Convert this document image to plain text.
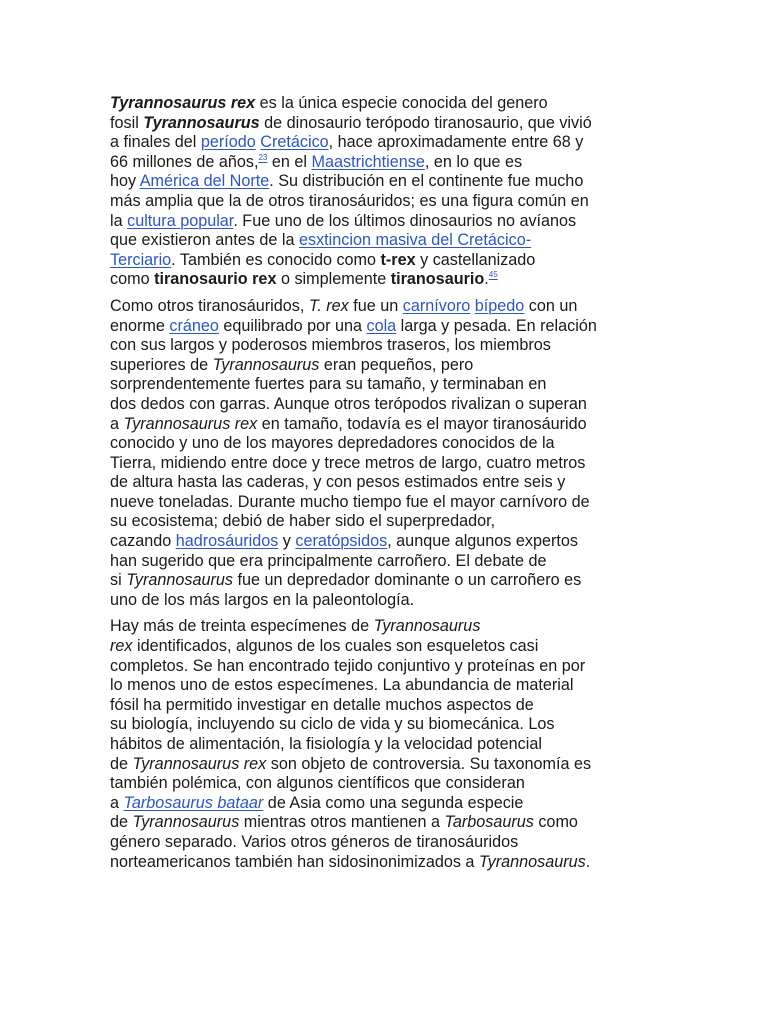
Tyrannosaurus rex es la única especie conocida del genero
fosil Tyrannosaurus de dinosaurio terópodo tiranosaurio, que vivió
a finales del período Cretácico, hace aproximadamente entre 68 y
66 millones de años,$^{23}$ en el Maastrichtiense, en lo que es
hoy América del Norte. Su distribución en el continente fue mucho
más amplia que la de otros tiranosáuridos; es una figura común en
la cultura popular. Fue uno de los últimos dinosaurios no avíanos
que existieron antes de la esxtincion masiva del Cretácico-
Terciario. También es conocido como t-rex y castellanizado
como tiranosaurio rex o simplemente tiranosaurio.$^{45}$
Como otros tiranosáuridos, T. rex fue un carnívoro bípedo con un
enorme cráneo equilibrado por una cola larga y pesada. En relación
con sus largos y poderosos miembros traseros, los miembros
superiores de Tyrannosaurus eran pequeños, pero
sorprendentemente fuertes para su tamaño, y terminaban en
dos dedos con garras. Aunque otros terópodos rivalizan o superan
a Tyrannosaurus rex en tamaño, todavía es el mayor tiranosáurido
conocido y uno de los mayores depredadores conocidos de la
Tierra, midiendo entre doce y trece metros de largo, cuatro metros
de altura hasta las caderas, y con pesos estimados entre seis y
nueve toneladas. Durante mucho tiempo fue el mayor carnívoro de
su ecosistema; debió de haber sido el superpredador,
cazando hadrosáuridos y ceratópsidos, aunque algunos expertos
han sugerido que era principalmente carroñero. El debate de
si Tyrannosaurus fue un depredador dominante o un carroñero es
uno de los más largos en la paleontología.
Hay más de treinta especímenes de Tyrannosaurus
rex identificados, algunos de los cuales son esqueletos casi
completos. Se han encontrado tejido conjuntivo y proteínas en por
lo menos uno de estos especímenes. La abundancia de material
fósil ha permitido investigar en detalle muchos aspectos de
su biología, incluyendo su ciclo de vida y su biomecánica. Los
hábitos de alimentación, la fisiología y la velocidad potencial
de Tyrannosaurus rex son objeto de controversia. Su taxonomía es
también polémica, con algunos científicos que consideran
a Tarbosaurus bataar de Asia como una segunda especie
de Tyrannosaurus mientras otros mantienen a Tarbosaurus como
género separado. Varios otros géneros de tiranosáuridos
norteamericanos también han sidosinonimizados a Tyrannosaurus.
